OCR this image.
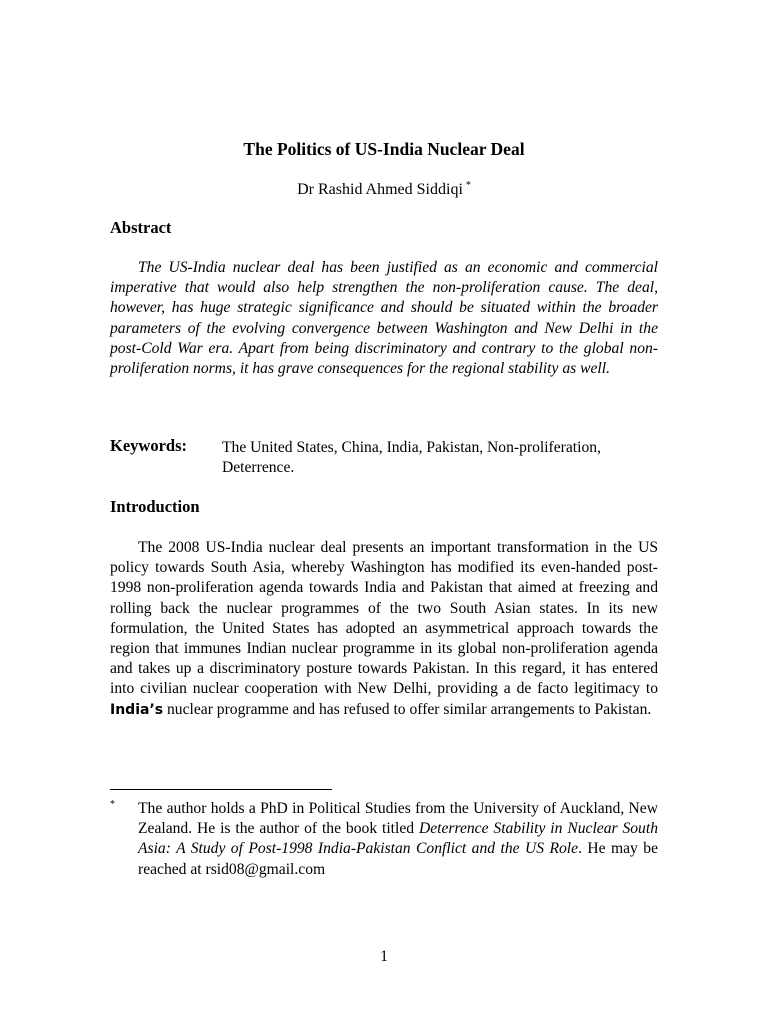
The Politics of US-India Nuclear Deal
Dr Rashid Ahmed Siddiqi *
Abstract

The US-India nuclear deal has been justified as an economic and commercial imperative that would also help strengthen the non-proliferation cause. The deal, however, has huge strategic significance and should be situated within the broader parameters of the evolving convergence between Washington and New Delhi in the post-Cold War era. Apart from being discriminatory and contrary to the global non-proliferation norms, it has grave consequences for the regional stability as well.

Keywords: The United States, China, India, Pakistan, Non-proliferation, Deterrence.
Introduction

The 2008 US-India nuclear deal presents an important transformation in the US policy towards South Asia, whereby Washington has modified its even-handed post-1998 non-proliferation agenda towards India and Pakistan that aimed at freezing and rolling back the nuclear programmes of the two South Asian states. In its new formulation, the United States has adopted an asymmetrical approach towards the region that immunes Indian nuclear programme in its global non-proliferation agenda and takes up a discriminatory posture towards Pakistan. In this regard, it has entered into civilian nuclear cooperation with New Delhi, providing a de facto legitimacy to India’s nuclear programme and has refused to offer similar arrangements to Pakistan.

* The author holds a PhD in Political Studies from the University of Auckland, New Zealand. He is the author of the book titled Deterrence Stability in Nuclear South Asia: A Study of Post-1998 India-Pakistan Conflict and the US Role. He may be reached at rsid08@gmail.com
1
